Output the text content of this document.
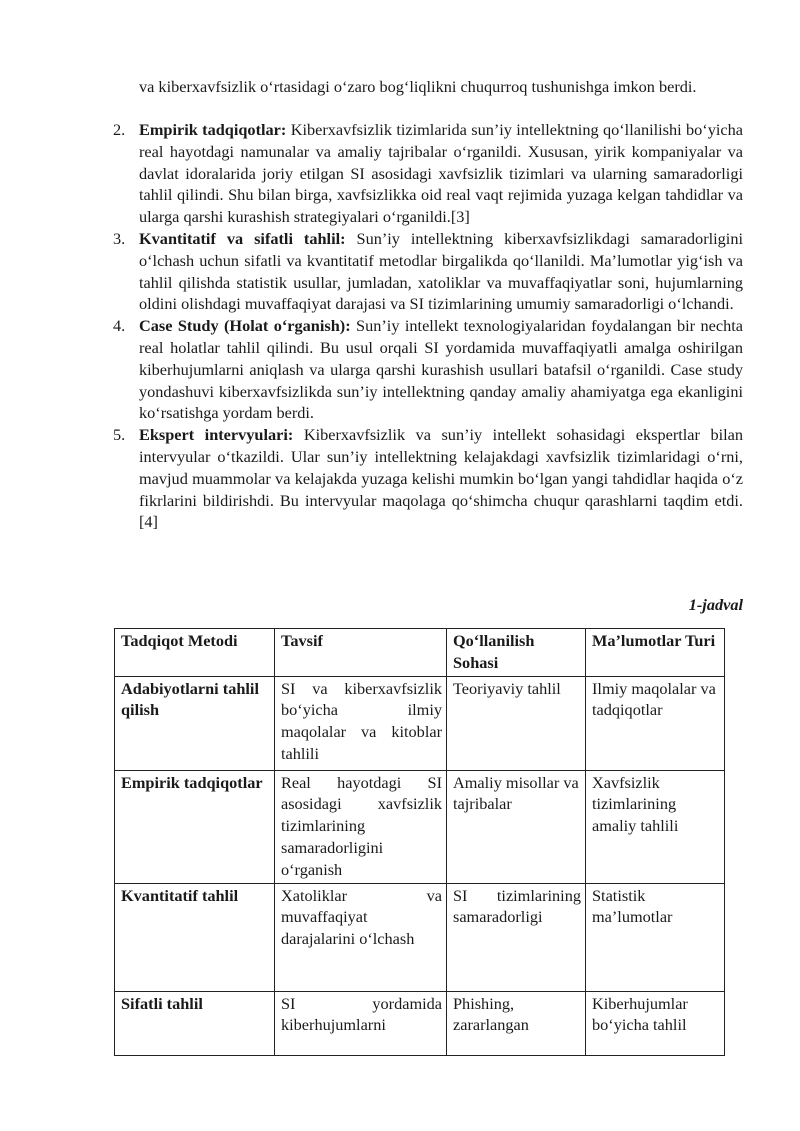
va kiberxavfsizlik o‘rtasidagi o‘zaro bog‘liqlikni chuqurroq tushunishga imkon berdi.

2. Empirik tadqiqotlar: Kiberxavfsizlik tizimlarida sun’iy intellektning qo‘llanilishi bo‘yicha real hayotdagi namunalar va amaliy tajribalar o‘rganildi. Xususan, yirik kompaniyalar va davlat idoralarida joriy etilgan SI asosidagi xavfsizlik tizimlari va ularning samaradorligi tahlil qilindi. Shu bilan birga, xavfsizlikka oid real vaqt rejimida yuzaga kelgan tahdidlar va ularga qarshi kurashish strategiyalari o‘rganildi.[3]
3. Kvantitatif va sifatli tahlil: Sun’iy intellektning kiberxavfsizlikdagi samaradorligini o‘lchash uchun sifatli va kvantitatif metodlar birgalikda qo‘llanildi. Ma’lumotlar yig‘ish va tahlil qilishda statistik usullar, jumladan, xatoliklar va muvaffaqiyatlar soni, hujumlarning oldini olishdagi muvaffaqiyat darajasi va SI tizimlarining umumiy samaradorligi o‘lchandi.
4. Case Study (Holat o‘rganish): Sun’iy intellekt texnologiyalaridan foydalangan bir nechta real holatlar tahlil qilindi. Bu usul orqali SI yordamida muvaffaqiyatli amalga oshirilgan kiberhujumlarni aniqlash va ularga qarshi kurashish usullari batafsil o‘rganildi. Case study yondashuvi kiberxavfsizlikda sun’iy intellektning qanday amaliy ahamiyatga ega ekanligini ko‘rsatishga yordam berdi.
5. Ekspert intervyulari: Kiberxavfsizlik va sun’iy intellekt sohasidagi ekspertlar bilan intervyular o‘tkazildi. Ular sun’iy intellektning kelajakdagi xavfsizlik tizimlaridagi o‘rni, mavjud muammolar va kelajakda yuzaga kelishi mumkin bo‘lgan yangi tahdidlar haqida o‘z fikrlarini bildirishdi. Bu intervyular maqolaga qo‘shimcha chuqur qarashlarni taqdim etdi.[4]
1-jadval
Tadqiqot Metodi	Tavsif	Qo‘llanilish Sohasi	Ma’lumotlar Turi
Adabiyotlarni tahlil qilish	SI va kiberxavfsizlik bo‘yicha ilmiy maqolalar va kitoblar tahlili	Teoriyaviy tahlil	Ilmiy maqolalar va tadqiqotlar
Empirik tadqiqotlar	Real hayotdagi SI asosidagi xavfsizlik tizimlarining samaradorligini o‘rganish	Amaliy misollar va tajribalar	Xavfsizlik tizimlarining amaliy tahlili
Kvantitatif tahlil	Xatoliklar va muvaffaqiyat darajalarini o‘lchash	SI tizimlarining samaradorligi	Statistik ma’lumotlar
Sifatli tahlil	SI yordamida kiberhujumlarni	Phishing, zararlangan	Kiberhujumlar bo‘yicha tahlil
